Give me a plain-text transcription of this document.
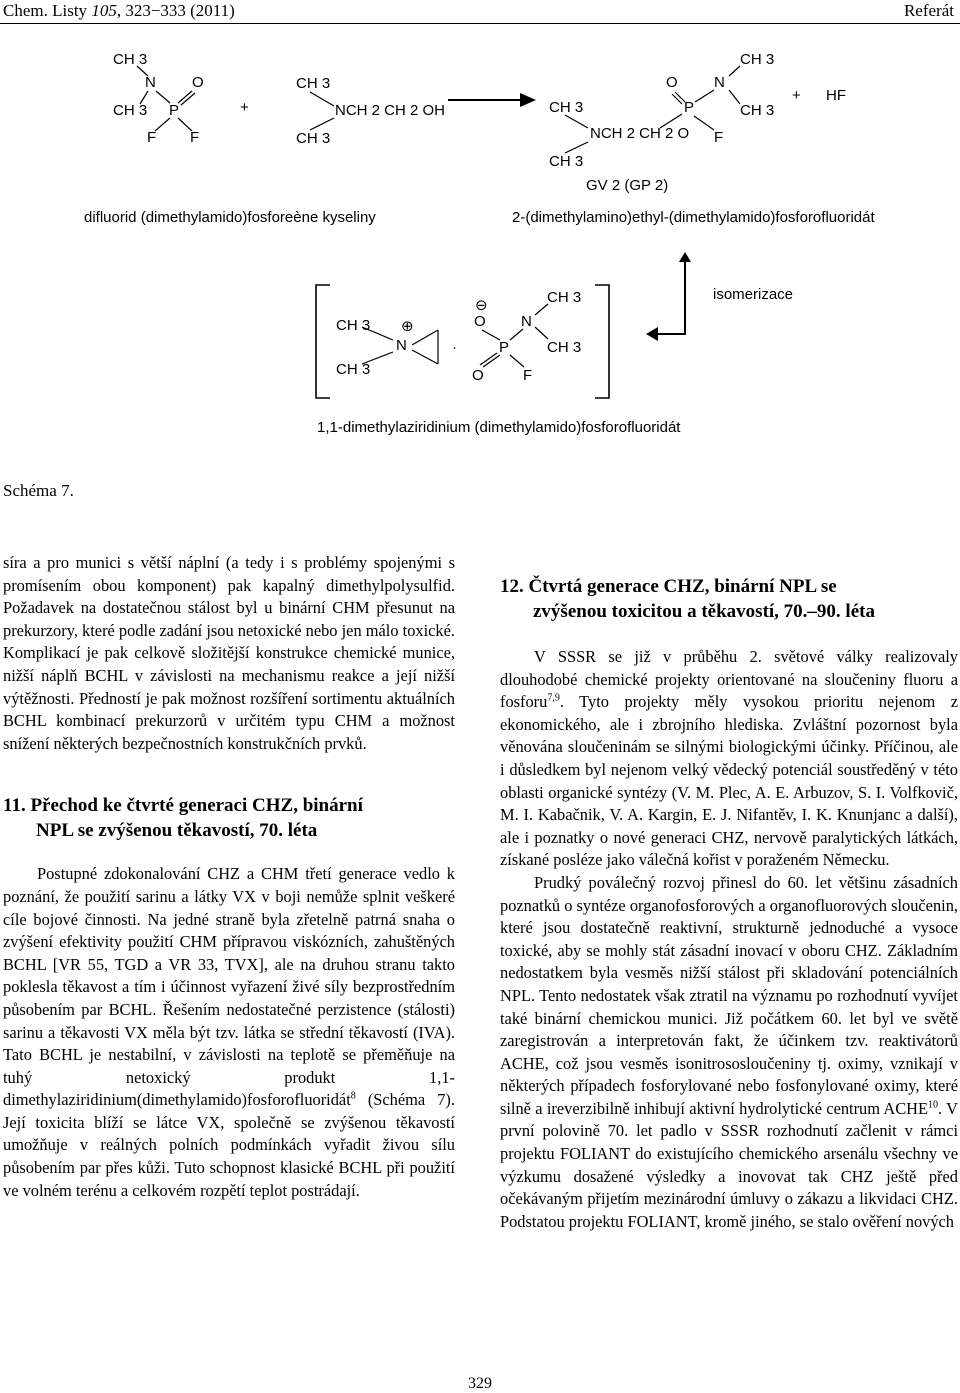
Chem. Listy 105, 323−333 (2011)	Referát
CH 3
CH 3
N
P
O
F F
+
CH 3
CH 3
NCH 2 CH 2 OH	CH 3
CH 3
NCH 2 CH 2 O
P
O N
CH 3
CH 3
F
+ HF
GV 2 (GP 2)
difluorid (dimethylamido)fosforeène kyseliny	2-(dimethylamino)ethyl-(dimethylamido)fosforofluoridát
CH 3
CH 3
N
⊕
·
⊖
O
P
O	F
N
CH 3
CH 3
isomerizace
1,1-dimethylaziridinium (dimethylamido)fosforofluoridát
Schéma 7.

síra a pro munici s větší náplní (a tedy i s problémy spojenými s promísením obou komponent) pak kapalný dimethylpolysulfid. Požadavek na dostatečnou stálost byl u binární CHM přesunut na prekurzory, které podle zadání jsou netoxické nebo jen málo toxické. Komplikací je pak celkově složitější konstrukce chemické munice, nižší náplň BCHL v závislosti na mechanismu reakce a její nižší výtěžnosti. Předností je pak možnost rozšíření sortimentu aktuálních BCHL kombinací prekurzorů v určitém typu CHM a možnost snížení některých bezpečnostních konstrukčních prvků.

11. Přechod ke čtvrté generaci CHZ, binární
NPL se zvýšenou těkavostí, 70. léta

Postupné zdokonalování CHZ a CHM třetí generace vedlo k poznání, že použití sarinu a látky VX v boji nemůže splnit veškeré cíle bojové činnosti. Na jedné straně byla zřetelně patrná snaha o zvýšení efektivity použití CHM přípravou viskózních, zahuštěných BCHL [VR 55, TGD a VR 33, TVX], ale na druhou stranu takto poklesla těkavost a tím i účinnost vyřazení živé síly bezprostředním působením par BCHL. Řešením nedostatečné perzistence (stálosti) sarinu a těkavosti VX měla být tzv. látka se střední těkavostí (IVA). Tato BCHL je nestabilní, v závislosti na teplotě se přeměňuje na tuhý netoxický produkt 1,1-dimethylaziridinium(dimethylamido)fosforofluoridát$^8$ (Schéma 7). Její toxicita blíží se látce VX, společně se zvýšenou těkavostí umožňuje v reálných polních podmínkách vyřadit živou sílu působením par přes kůži. Tuto schopnost klasické BCHL při použití ve volném terénu a celkovém rozpětí teplot postrádají.

12. Čtvrtá generace CHZ, binární NPL se
zvýšenou toxicitou a těkavostí, 70.–90. léta

V SSSR se již v průběhu 2. světové války realizovaly dlouhodobé chemické projekty orientované na sloučeniny fluoru a fosforu$^{7,9}$. Tyto projekty měly vysokou prioritu nejenom z ekonomického, ale i zbrojního hlediska. Zvláštní pozornost byla věnována sloučeninám se silnými biologickými účinky. Příčinou, ale i důsledkem byl nejenom velký vědecký potenciál soustředěný v této oblasti organické syntézy (V. M. Plec, A. E. Arbuzov, S. I. Volfkovič, M. I. Kabačnik, V. A. Kargin, E. J. Nifantěv, I. K. Knunjanc a další), ale i poznatky o nové generaci CHZ, nervově paralytických látkách, získané posléze jako válečná kořist v poraženém Německu.

Prudký poválečný rozvoj přinesl do 60. let většinu zásadních poznatků o syntéze organofosforových a organofluorových sloučenin, které jsou dostatečně reaktivní, strukturně jednoduché a vysoce toxické, aby se mohly stát zásadní inovací v oboru CHZ. Základním nedostatkem byla vesměs nižší stálost při skladování potenciálních NPL. Tento nedostatek však ztratil na významu po rozhodnutí vyvíjet také binární chemickou munici. Již počátkem 60. let byl ve světě zaregistrován a interpretován fakt, že účinkem tzv. reaktivátorů ACHE, což jsou vesměs isonitrososloučeniny tj. oximy, vznikají v některých případech fosforylované nebo fosfonylované oximy, které silně a ireverzibilně inhibují aktivní hydrolytické centrum ACHE$^{10}$. V první polovině 70. let padlo v SSSR rozhodnutí začlenit v rámci projektu FOLIANT do existujícího chemického arsenálu všechny ve výzkumu dosažené výsledky a inovovat tak CHZ ještě před očekávaným přijetím mezinárodní úmluvy o zákazu a likvidaci CHZ. Podstatou projektu FOLIANT, kromě jiného, se stalo ověření nových

329
